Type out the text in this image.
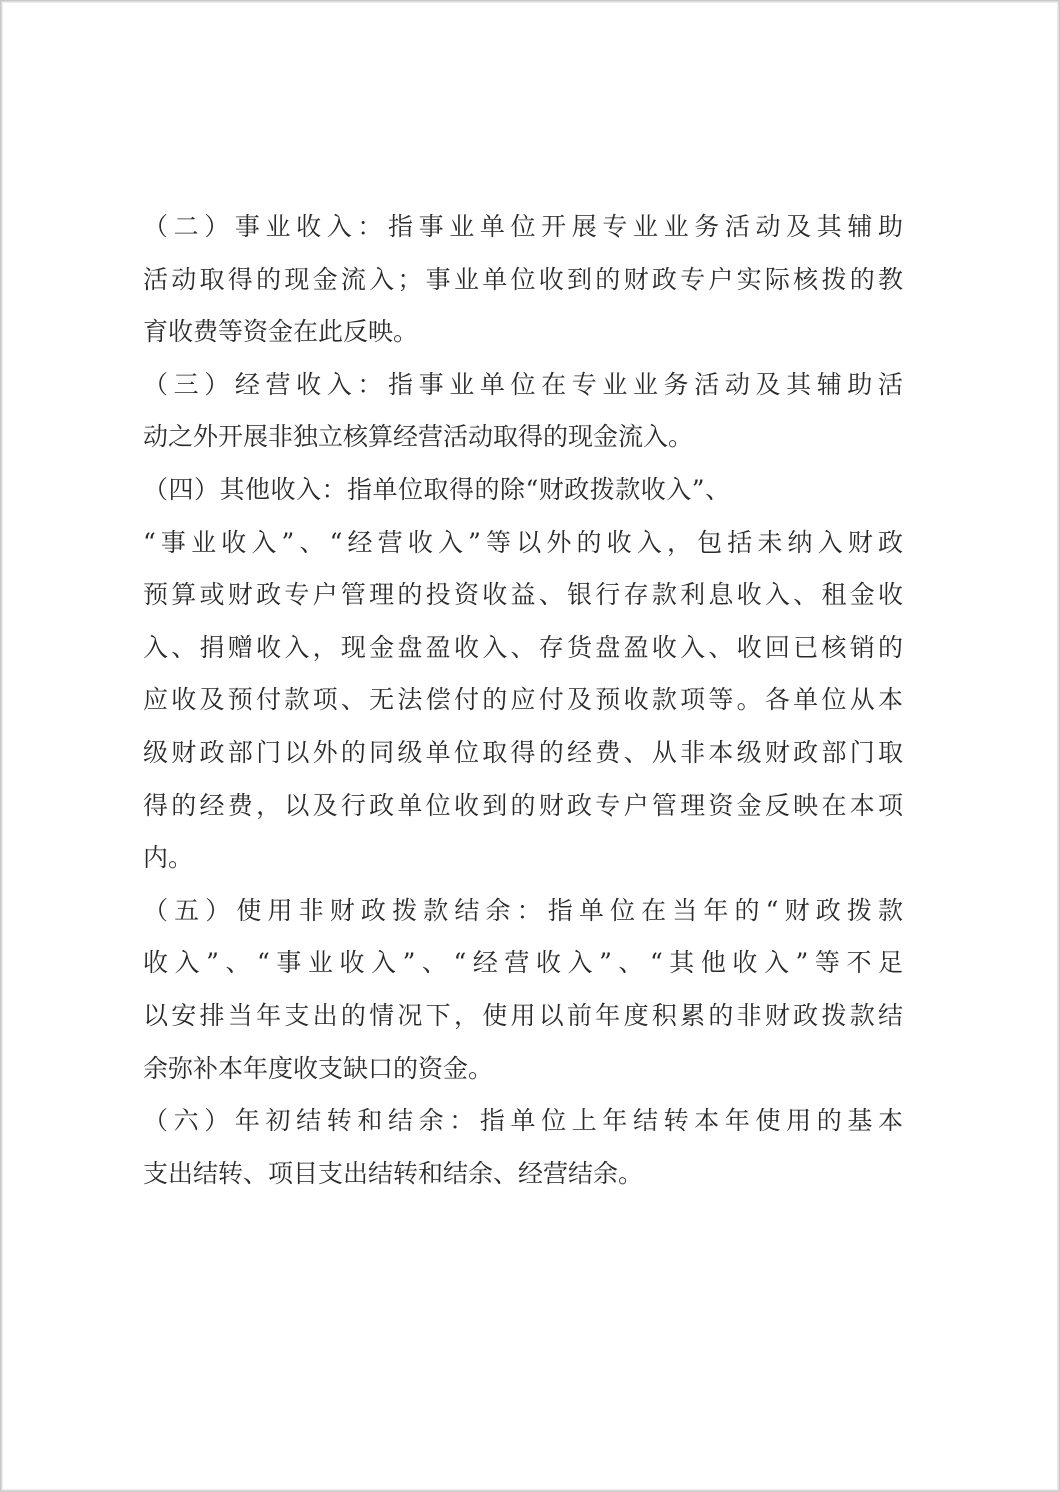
（二）事业收入：指事业单位开展专业业务活动及其辅助
活动取得的现金流入；事业单位收到的财政专户实际核拨的教
育收费等资金在此反映。
（三）经营收入：指事业单位在专业业务活动及其辅助活
动之外开展非独立核算经营活动取得的现金流入。
（四）其他收入：指单位取得的除“财政拨款收入”、
“事业收入”、“经营收入”等以外的收入，包括未纳入财政
预算或财政专户管理的投资收益、银行存款利息收入、租金收
入、捐赠收入，现金盘盈收入、存货盘盈收入、收回已核销的
应收及预付款项、无法偿付的应付及预收款项等。各单位从本
级财政部门以外的同级单位取得的经费、从非本级财政部门取
得的经费，以及行政单位收到的财政专户管理资金反映在本项
内。
（五）使用非财政拨款结余：指单位在当年的“财政拨款
收入”、“事业收入”、“经营收入”、“其他收入”等不足
以安排当年支出的情况下，使用以前年度积累的非财政拨款结
余弥补本年度收支缺口的资金。
（六）年初结转和结余：指单位上年结转本年使用的基本
支出结转、项目支出结转和结余、经营结余。
